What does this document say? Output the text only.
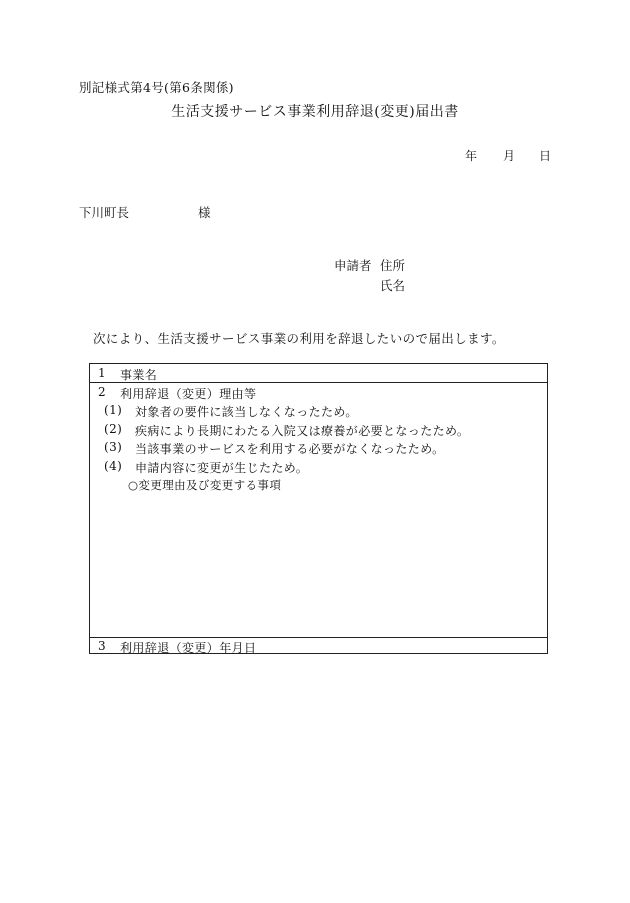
別記様式第4号(第6条関係)
生活支援サービス事業利用辞退(変更)届出書
年 月 日
下川町長	様
申請者 住所
氏名
次により、生活支援サービス事業の利用を辞退したいので届出します。
1 事業名
2 利用辞退（変更）理由等
(1) 対象者の要件に該当しなくなったため。
(2) 疾病により長期にわたる入院又は療養が必要となったため。
(3) 当該事業のサービスを利用する必要がなくなったため。
(4) 申請内容に変更が生じたため。
○変更理由及び変更する事項
3 利用辞退（変更）年月日
